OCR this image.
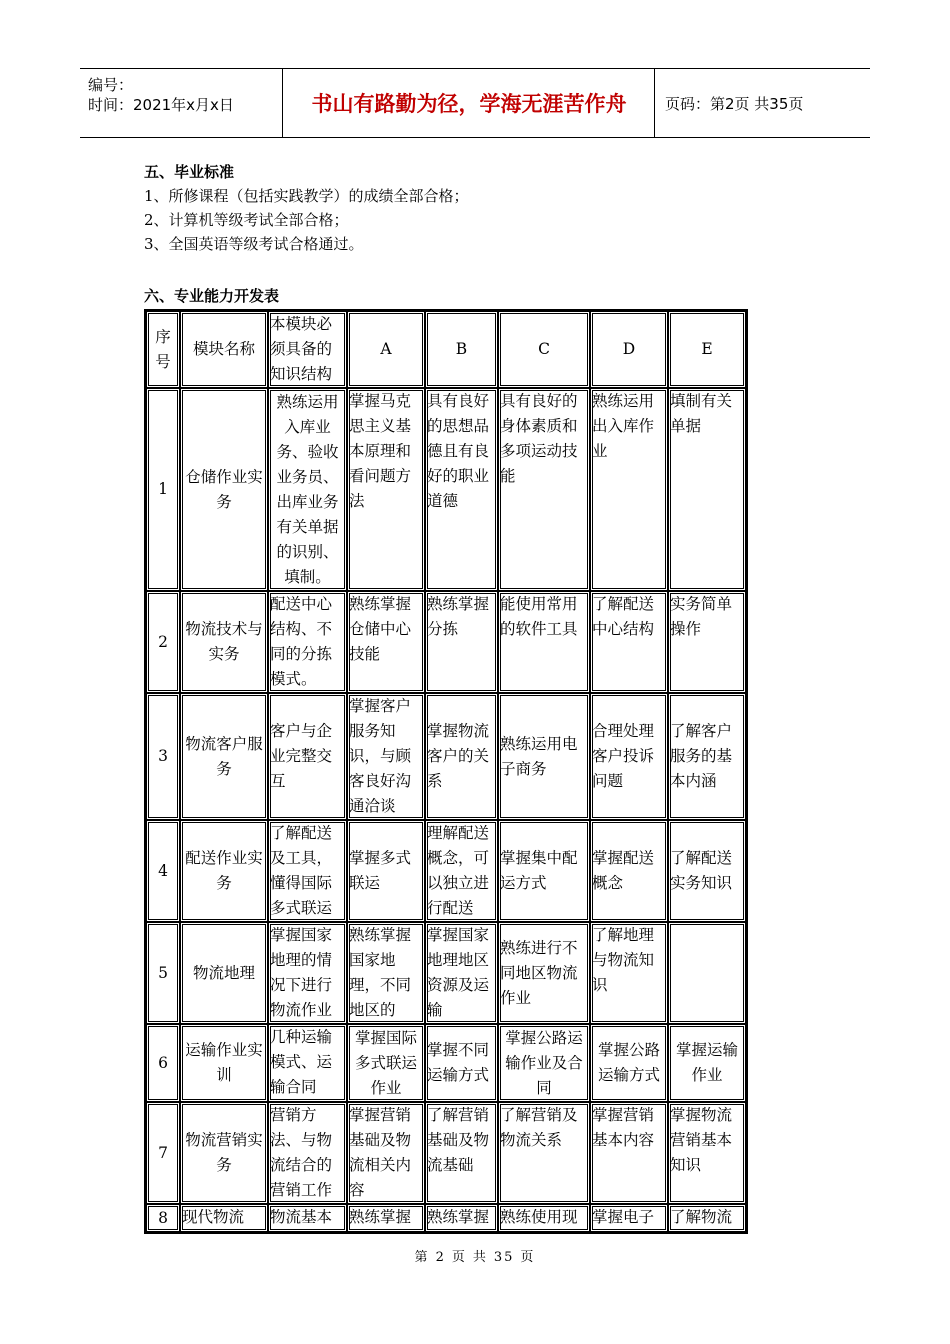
编号：
时间：2021年x月x日	书山有路勤为径，学海无涯苦作舟	页码：第2页 共35页
五、毕业标准
1、所修课程（包括实践教学）的成绩全部合格；
2、计算机等级考试全部合格；
3、全国英语等级考试合格通过。
六、专业能力开发表
序号	模块名称	本模块必须具备的知识结构	A	B	C	D	E
1	仓储作业实务	熟练运用入库业务、验收业务员、出库业务有关单据的识别、填制。	掌握马克思主义基本原理和看问题方法	具有良好的思想品德且有良好的职业道德	具有良好的身体素质和多项运动技能	熟练运用出入库作业	填制有关单据
2	物流技术与实务	配送中心结构、不同的分拣模式。	熟练掌握仓储中心技能	熟练掌握分拣	能使用常用的软件工具	了解配送中心结构	实务简单操作
3	物流客户服务	客户与企业完整交互	掌握客户服务知识，与顾客良好沟通洽谈	掌握物流客户的关系	熟练运用电子商务	合理处理客户投诉问题	了解客户服务的基本内涵
4	配送作业实务	了解配送及工具，懂得国际多式联运	掌握多式联运	理解配送概念，可以独立进行配送	掌握集中配运方式	掌握配送概念	了解配送实务知识
5	物流地理	掌握国家地理的情况下进行物流作业	熟练掌握国家地理，不同地区的	掌握国家地理地区资源及运输	熟练进行不同地区物流作业	了解地理与物流知识	
6	运输作业实训	几种运输模式、运输合同	掌握国际多式联运作业	掌握不同运输方式	掌握公路运输作业及合同	掌握公路运输方式	掌握运输作业
7	物流营销实务	营销方法、与物流结合的营销工作	掌握营销基础及物流相关内容	了解营销基础及物流基础	了解营销及物流关系	掌握营销基本内容	掌握物流营销基本知识
8	现代物流	物流基本	熟练掌握	熟练掌握	熟练使用现	掌握电子	了解物流
第 2 页 共 35 页
